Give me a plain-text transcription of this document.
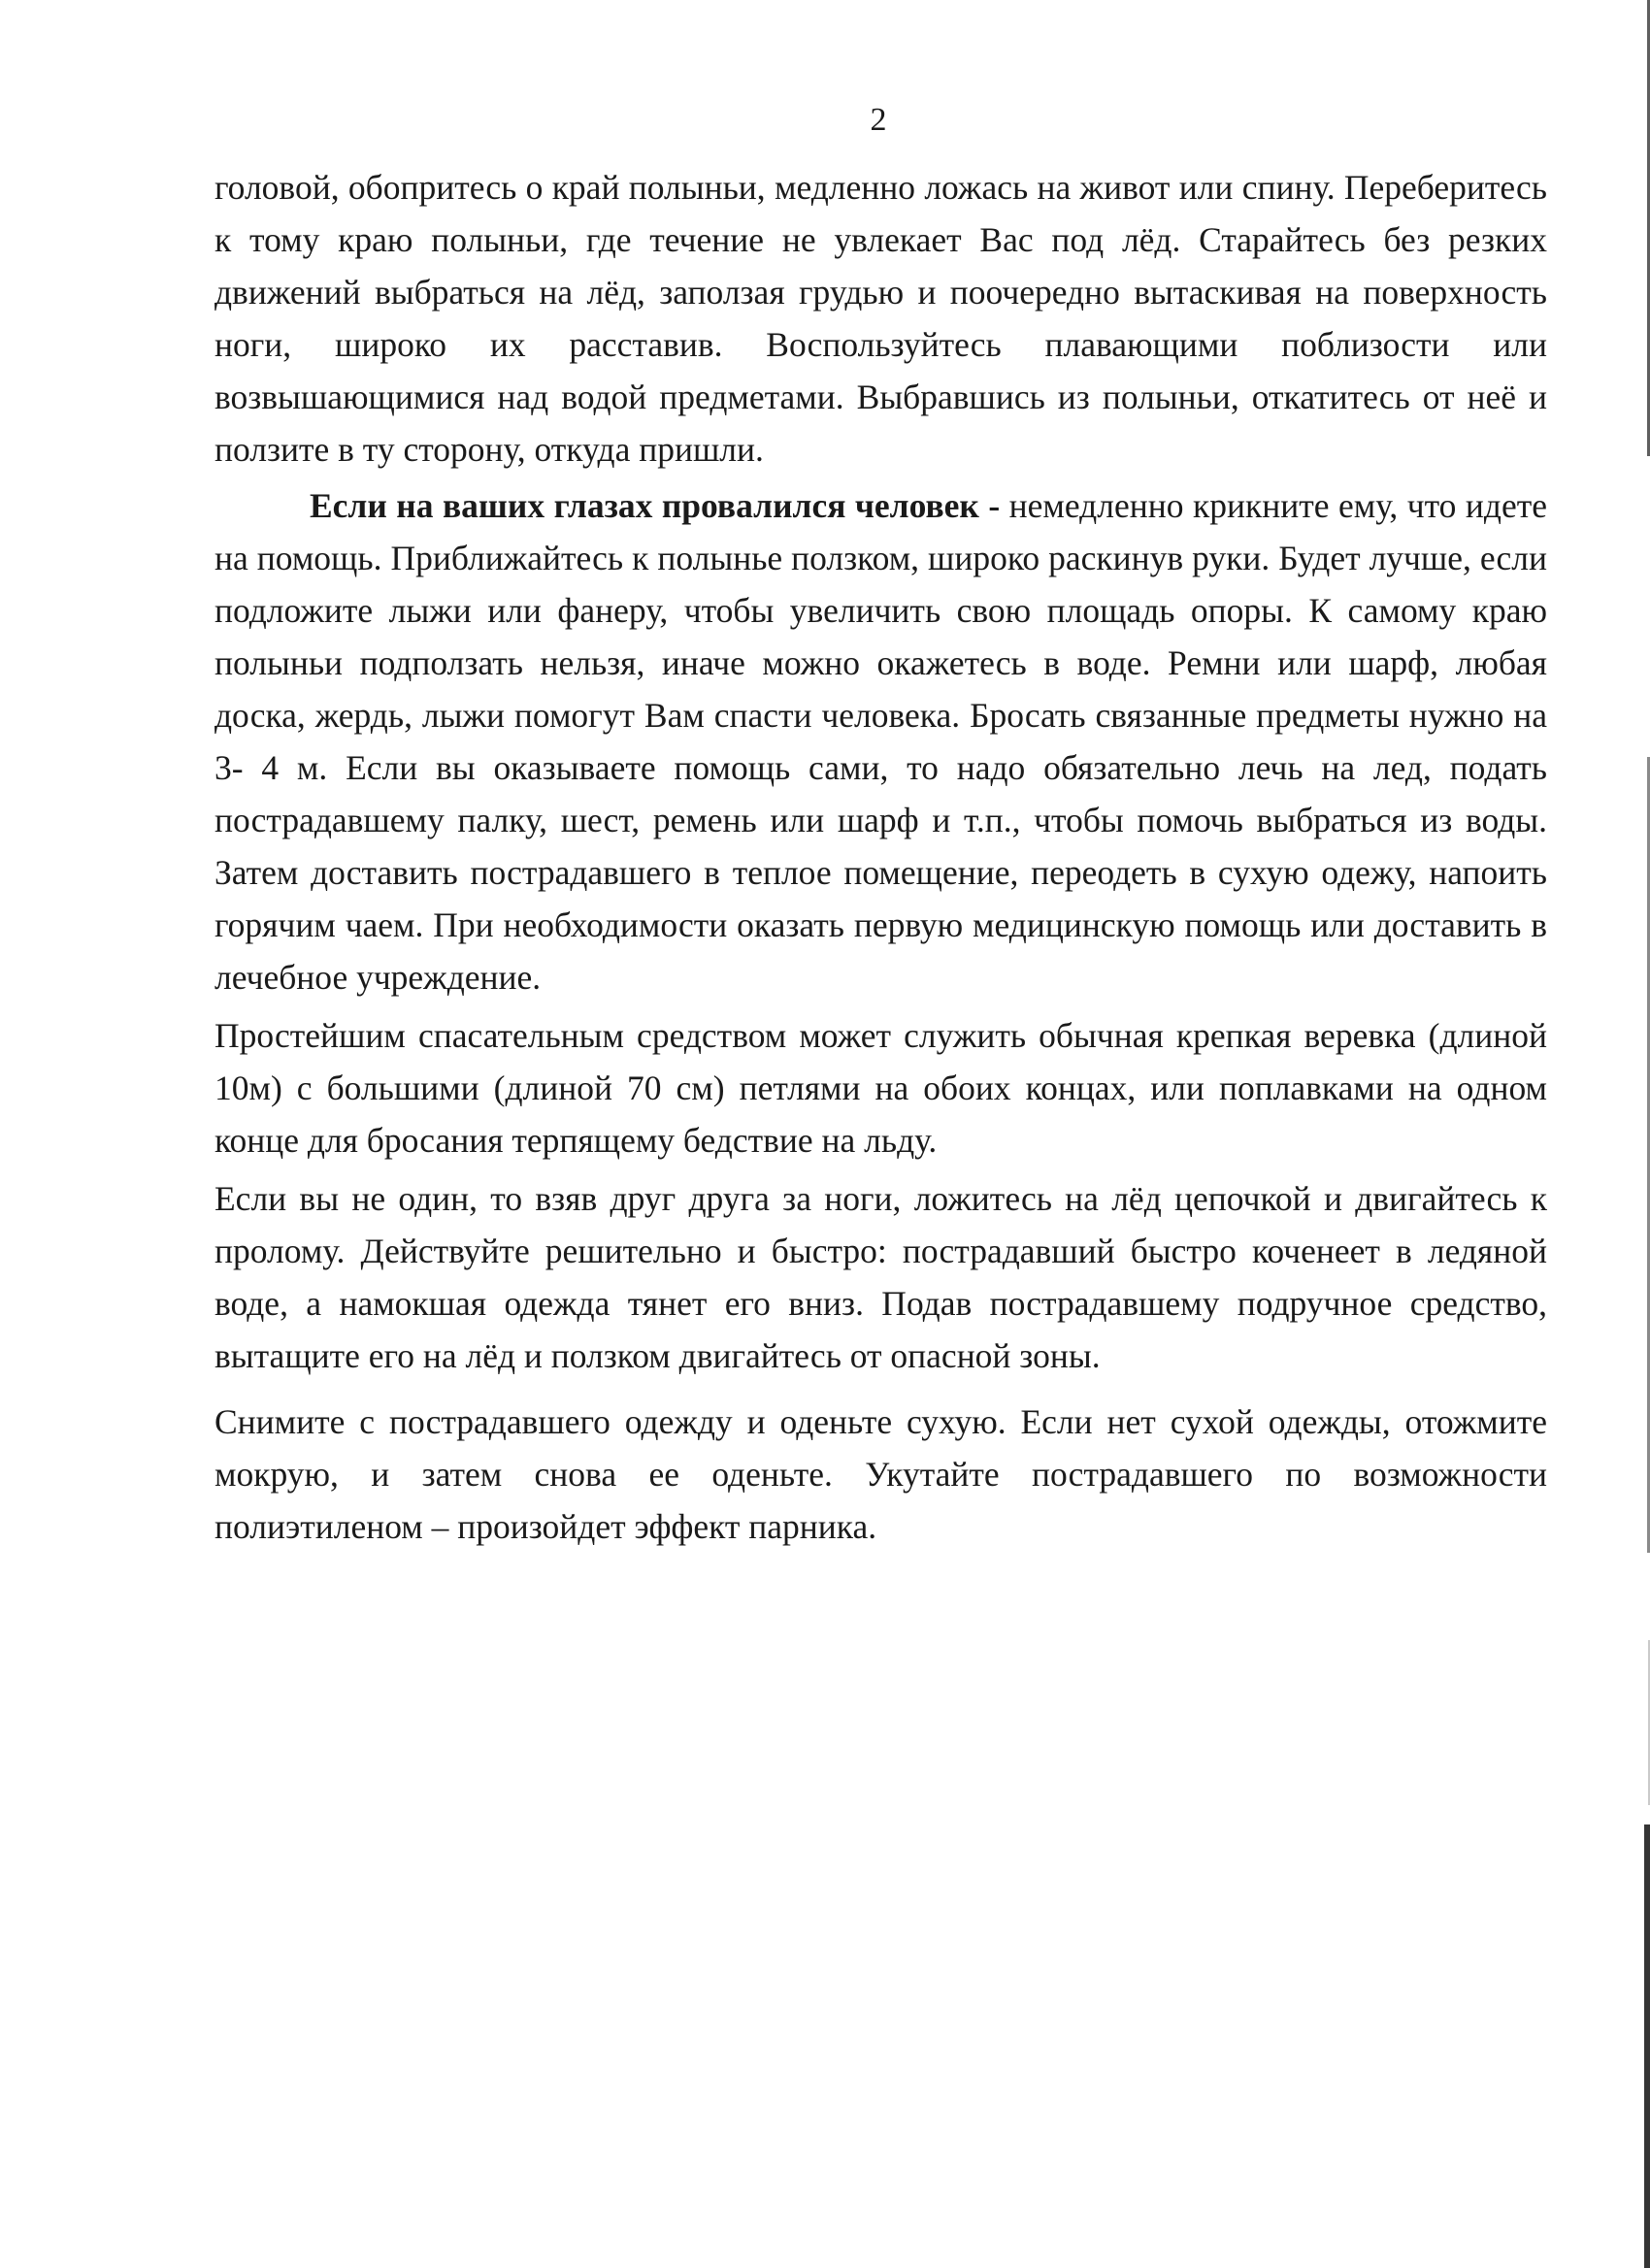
2

головой, обопритесь о край полыньи, медленно ложась на живот или спину. Переберитесь к тому краю полыньи, где течение не увлекает Вас под лёд. Старайтесь без резких движений выбраться на лёд, заползая грудью и поочередно вытаскивая на поверхность ноги, широко их расставив. Воспользуйтесь плавающими поблизости или возвышающимися над водой предметами. Выбравшись из полыньи, откатитесь от неё и ползите в ту сторону, откуда пришли.

Если на ваших глазах провалился человек - немедленно крикните ему, что идете на помощь. Приближайтесь к полынье ползком, широко раскинув руки. Будет лучше, если подложите лыжи или фанеру, чтобы увеличить свою площадь опоры. К самому краю полыньи подползать нельзя, иначе можно окажетесь в воде. Ремни или шарф, любая доска, жердь, лыжи помогут Вам спасти человека. Бросать связанные предметы нужно на 3- 4 м. Если вы оказываете помощь сами, то надо обязательно лечь на лед, подать пострадавшему палку, шест, ремень или шарф и т.п., чтобы помочь выбраться из воды. Затем доставить пострадавшего в теплое помещение, переодеть в сухую одежу, напоить горячим чаем. При необходимости оказать первую медицинскую помощь или доставить в лечебное учреждение.

Простейшим спасательным средством может служить обычная крепкая веревка (длиной 10м) с большими (длиной 70 см) петлями на обоих концах, или поплавками на одном конце для бросания терпящему бедствие на льду.

Если вы не один, то взяв друг друга за ноги, ложитесь на лёд цепочкой и двигайтесь к пролому. Действуйте решительно и быстро: пострадавший быстро коченеет в ледяной воде, а намокшая одежда тянет его вниз. Подав пострадавшему подручное средство, вытащите его на лёд и ползком двигайтесь от опасной зоны.

Снимите с пострадавшего одежду и оденьте сухую. Если нет сухой одежды, отожмите мокрую, и затем снова ее оденьте. Укутайте пострадавшего по возможности полиэтиленом – произойдет эффект парника.
